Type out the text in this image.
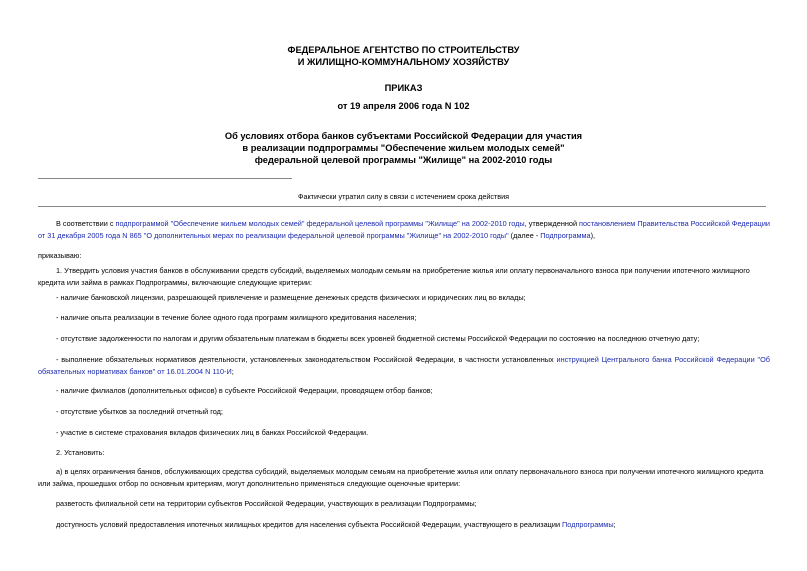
ФЕДЕРАЛЬНОЕ АГЕНТСТВО ПО СТРОИТЕЛЬСТВУ
И ЖИЛИЩНО-КОММУНАЛЬНОМУ ХОЗЯЙСТВУ
ПРИКАЗ
от 19 апреля 2006 года N 102
Об условиях отбора банков субъектами Российской Федерации для участия
в реализации подпрограммы "Обеспечение жильем молодых семей"
федеральной целевой программы "Жилище" на 2002-2010 годы
Фактически утратил силу в связи с истечением срока действия
В соответствии с подпрограммой "Обеспечение жильем молодых семей" федеральной целевой программы "Жилище" на 2002-2010 годы, утвержденной постановлением Правительства Российской Федерации от 31 декабря 2005 года N 865 "О дополнительных мерах по реализации федеральной целевой программы "Жилище" на 2002-2010 годы" (далее - Подпрограмма),
приказываю:
1. Утвердить условия участия банков в обслуживании средств субсидий, выделяемых молодым семьям на приобретение жилья или оплату первоначального взноса при получении ипотечного жилищного кредита или займа в рамках Подпрограммы, включающие следующие критерии:
- наличие банковской лицензии, разрешающей привлечение и размещение денежных средств физических и юридических лиц во вклады;
- наличие опыта реализации в течение более одного года программ жилищного кредитования населения;
- отсутствие задолженности по налогам и другим обязательным платежам в бюджеты всех уровней бюджетной системы Российской Федерации по состоянию на последнюю отчетную дату;
- выполнение обязательных нормативов деятельности, установленных законодательством Российской Федерации, в частности установленных инструкцией Центрального банка Российской Федерации "Об обязательных нормативах банков" от 16.01.2004 N 110-И;
- наличие филиалов (дополнительных офисов) в субъекте Российской Федерации, проводящем отбор банков;
- отсутствие убытков за последний отчетный год;
- участие в системе страхования вкладов физических лиц в банках Российской Федерации.
2. Установить:
а) в целях ограничения банков, обслуживающих средства субсидий, выделяемых молодым семьям на приобретение жилья или оплату первоначального взноса при получении ипотечного жилищного кредита или займа, прошедших отбор по основным критериям, могут дополнительно применяться следующие оценочные критерии:
разветость филиальной сети на территории субъектов Российской Федерации, участвующих в реализации Подпрограммы;
доступность условий предоставления ипотечных жилищных кредитов для населения субъекта Российской Федерации, участвующего в реализации Подпрограммы;
